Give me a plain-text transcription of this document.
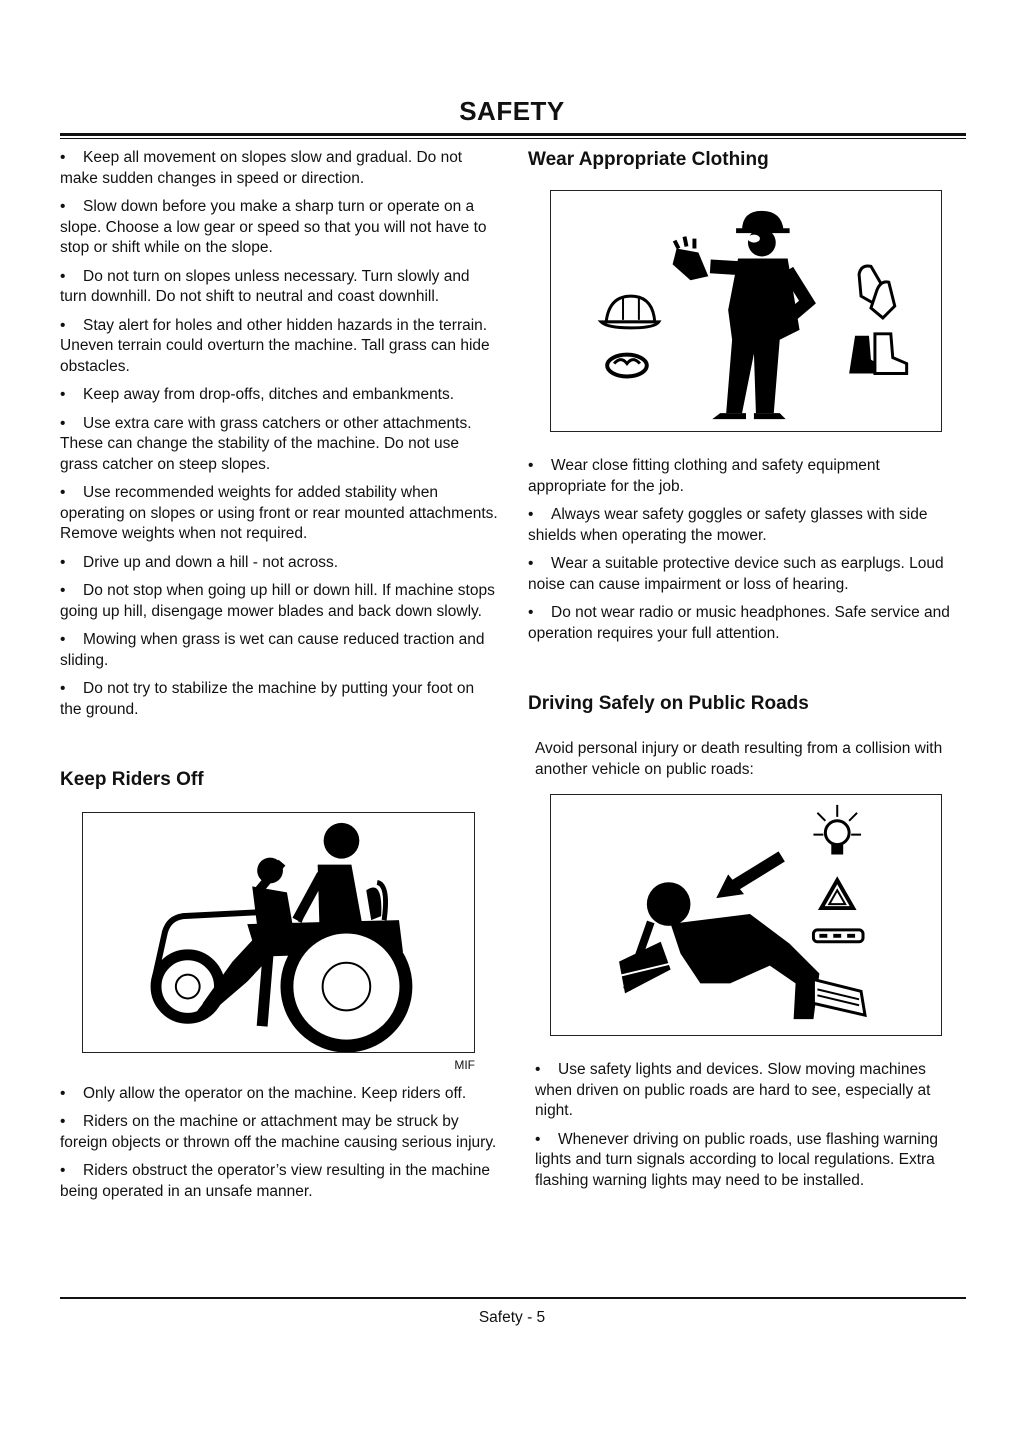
SAFETY

• Keep all movement on slopes slow and gradual. Do not make sudden changes in speed or direction.

• Slow down before you make a sharp turn or operate on a slope. Choose a low gear or speed so that you will not have to stop or shift while on the slope.

• Do not turn on slopes unless necessary. Turn slowly and turn downhill. Do not shift to neutral and coast downhill.

• Stay alert for holes and other hidden hazards in the terrain. Uneven terrain could overturn the machine. Tall grass can hide obstacles.

• Keep away from drop-offs, ditches and embankments.

• Use extra care with grass catchers or other attachments. These can change the stability of the machine. Do not use grass catcher on steep slopes.

• Use recommended weights for added stability when operating on slopes or using front or rear mounted attachments. Remove weights when not required.

• Drive up and down a hill - not across.

• Do not stop when going up hill or down hill. If machine stops going up hill, disengage mower blades and back down slowly.

• Mowing when grass is wet can cause reduced traction and sliding.

• Do not try to stabilize the machine by putting your foot on the ground.

Keep Riders Off
MIF

• Only allow the operator on the machine. Keep riders off.

• Riders on the machine or attachment may be struck by foreign objects or thrown off the machine causing serious injury.

• Riders obstruct the operator’s view resulting in the machine being operated in an unsafe manner.

Wear Appropriate Clothing

• Wear close fitting clothing and safety equipment appropriate for the job.

• Always wear safety goggles or safety glasses with side shields when operating the mower.

• Wear a suitable protective device such as earplugs. Loud noise can cause impairment or loss of hearing.

• Do not wear radio or music headphones. Safe service and operation requires your full attention.

Driving Safely on Public Roads

Avoid personal injury or death resulting from a collision with another vehicle on public roads:

• Use safety lights and devices. Slow moving machines when driven on public roads are hard to see, especially at night.

• Whenever driving on public roads, use flashing warning lights and turn signals according to local regulations. Extra flashing warning lights may need to be installed.

Safety - 5
